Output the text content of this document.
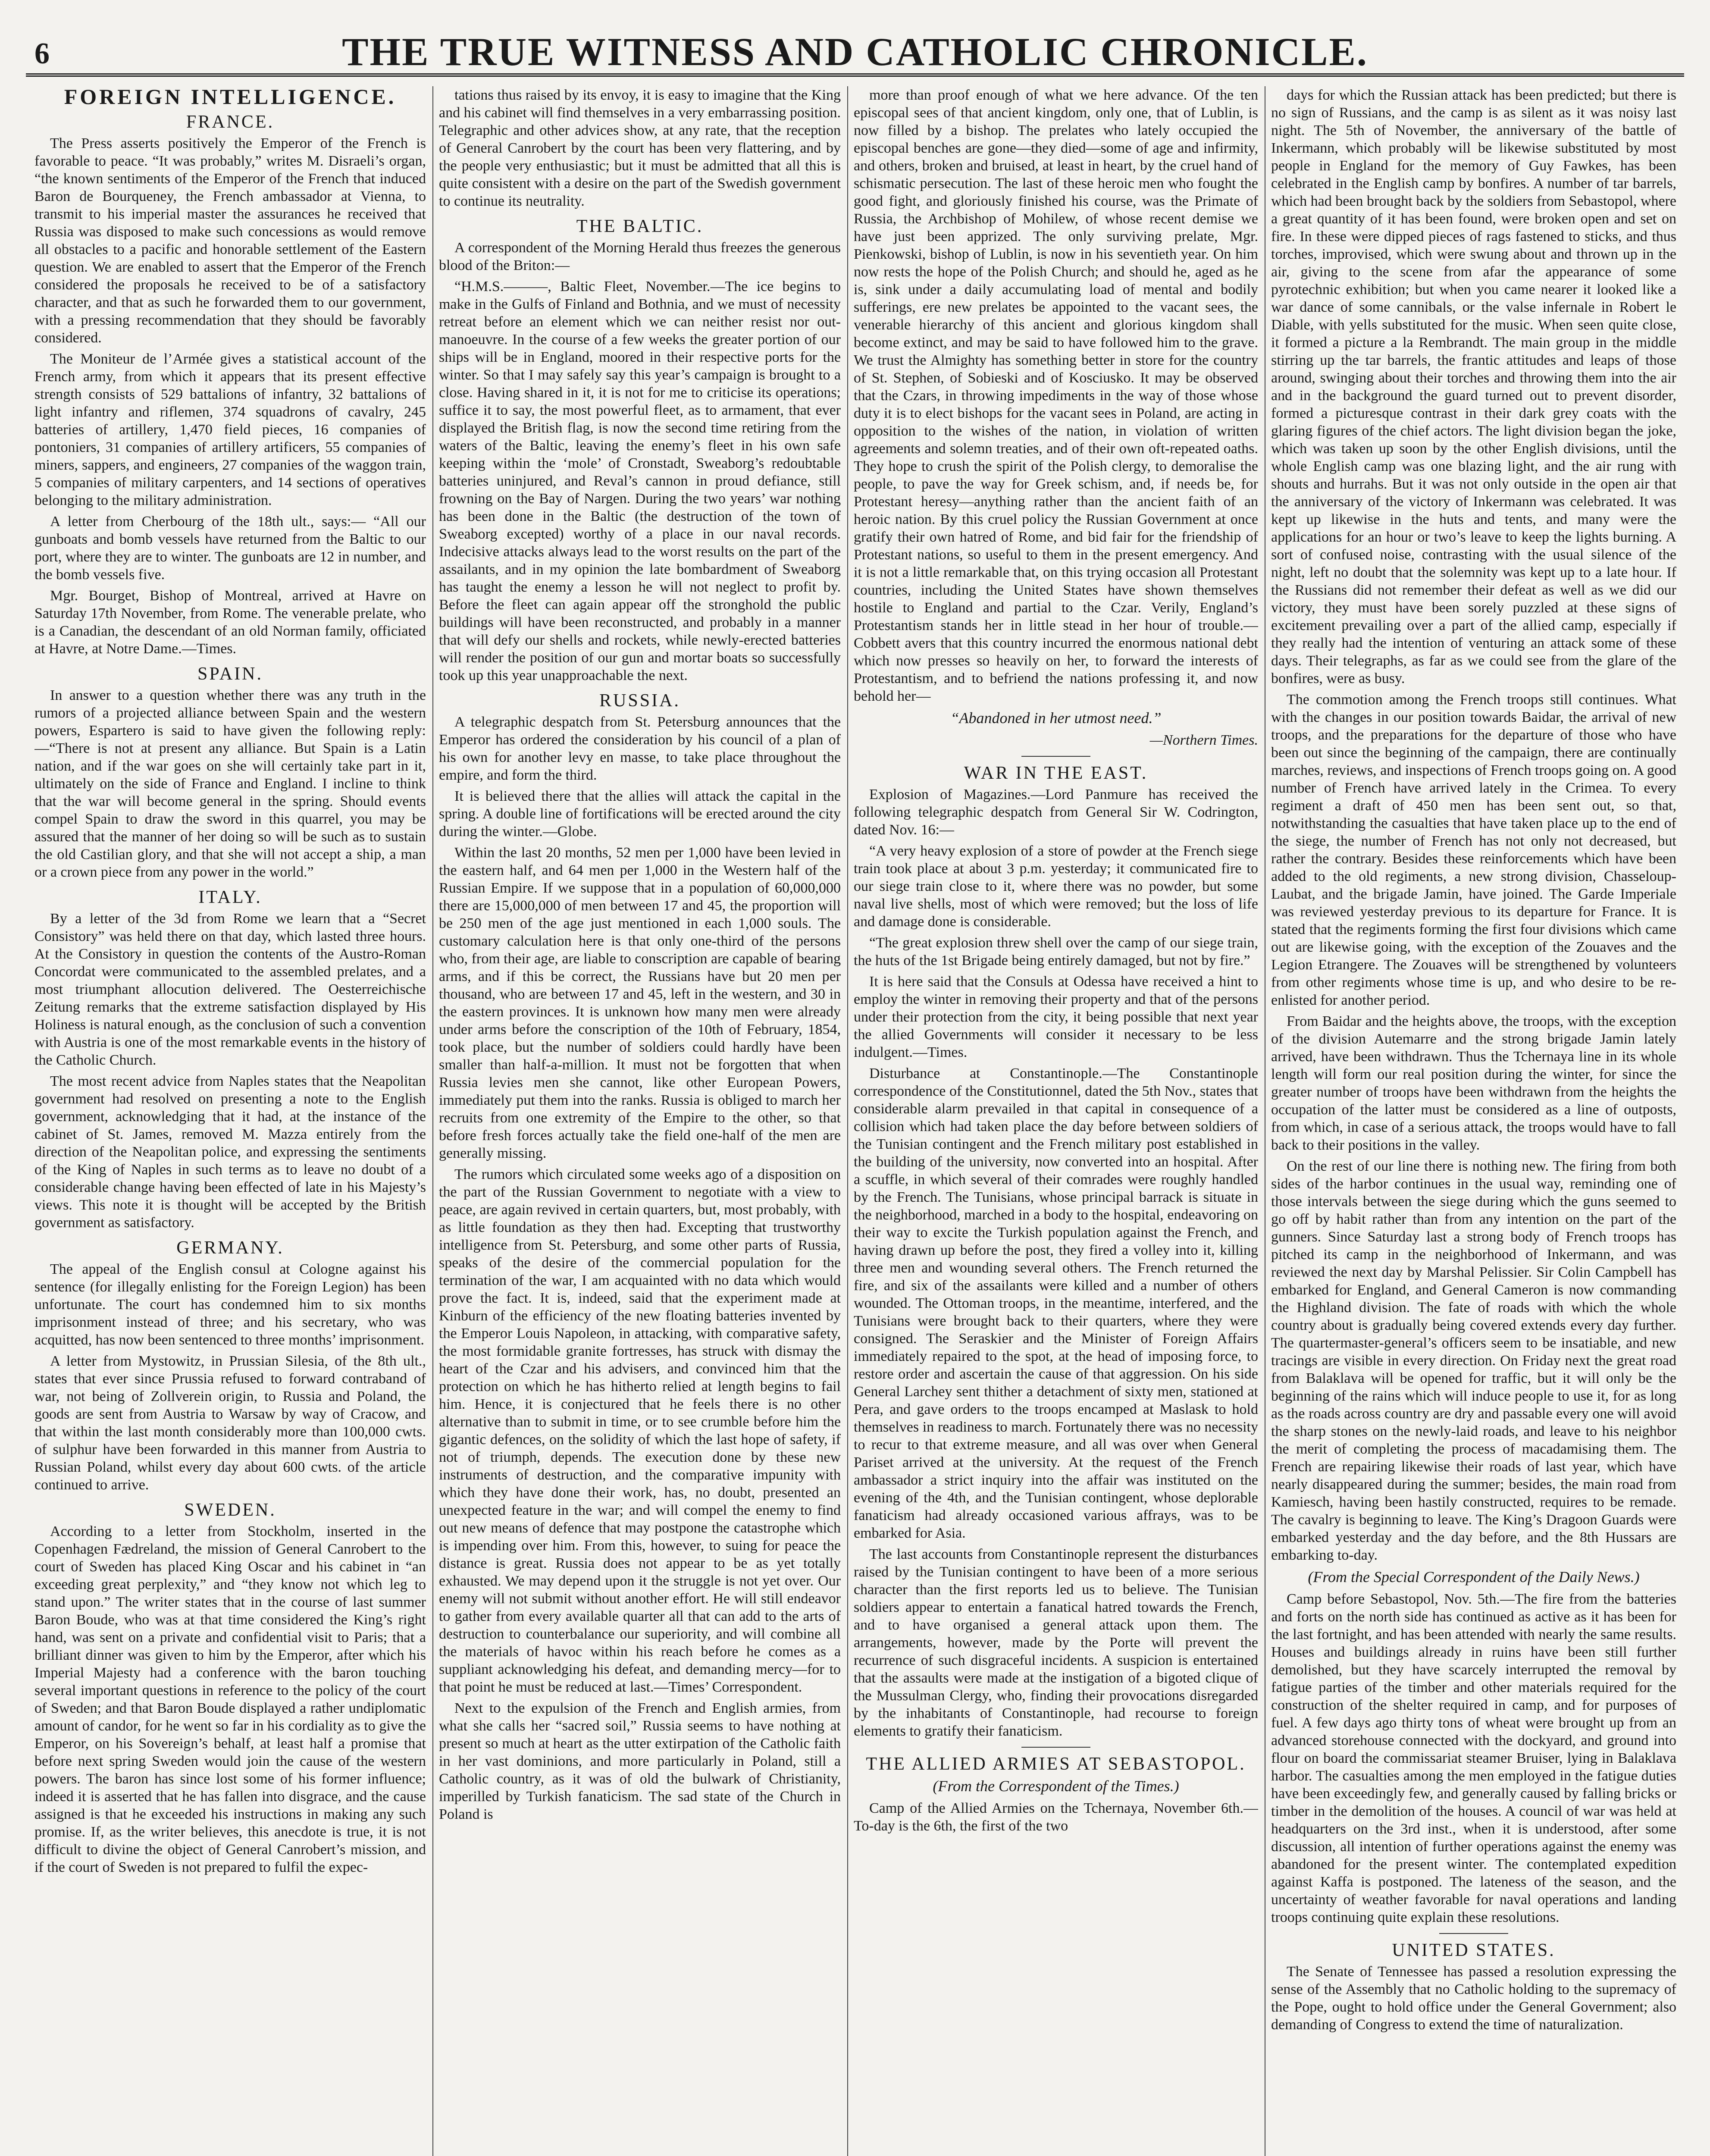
6	THE TRUE WITNESS AND CATHOLIC CHRONICLE.
FOREIGN INTELLIGENCE.
FRANCE.

The Press asserts positively the Emperor of the French is favorable to peace. “It was probably,” writes M. Disraeli’s organ, “the known sentiments of the Emperor of the French that induced Baron de Bourqueney, the French ambassador at Vienna, to transmit to his imperial master the assurances he received that Russia was disposed to make such concessions as would remove all obstacles to a pacific and honorable settlement of the Eastern question. We are enabled to assert that the Emperor of the French considered the proposals he received to be of a satisfactory character, and that as such he forwarded them to our government, with a pressing recommendation that they should be favorably considered.

The Moniteur de l’Armée gives a statistical account of the French army, from which it appears that its present effective strength consists of 529 battalions of infantry, 32 battalions of light infantry and riflemen, 374 squadrons of cavalry, 245 batteries of artillery, 1,470 field pieces, 16 companies of pontoniers, 31 companies of artillery artificers, 55 companies of miners, sappers, and engineers, 27 companies of the waggon train, 5 companies of military carpenters, and 14 sections of operatives belonging to the military administration.

A letter from Cherbourg of the 18th ult., says:— “All our gunboats and bomb vessels have returned from the Baltic to our port, where they are to winter. The gunboats are 12 in number, and the bomb vessels five.

Mgr. Bourget, Bishop of Montreal, arrived at Havre on Saturday 17th November, from Rome. The venerable prelate, who is a Canadian, the descendant of an old Norman family, officiated at Havre, at Notre Dame.—Times.

SPAIN.

In answer to a question whether there was any truth in the rumors of a projected alliance between Spain and the western powers, Espartero is said to have given the following reply:—“There is not at present any alliance. But Spain is a Latin nation, and if the war goes on she will certainly take part in it, ultimately on the side of France and England. I incline to think that the war will become general in the spring. Should events compel Spain to draw the sword in this quarrel, you may be assured that the manner of her doing so will be such as to sustain the old Castilian glory, and that she will not accept a ship, a man or a crown piece from any power in the world.”

ITALY.

By a letter of the 3d from Rome we learn that a “Secret Consistory” was held there on that day, which lasted three hours. At the Consistory in question the contents of the Austro-Roman Concordat were communicated to the assembled prelates, and a most triumphant allocution delivered. The Oesterreichische Zeitung remarks that the extreme satisfaction displayed by His Holiness is natural enough, as the conclusion of such a convention with Austria is one of the most remarkable events in the history of the Catholic Church.

The most recent advice from Naples states that the Neapolitan government had resolved on presenting a note to the English government, acknowledging that it had, at the instance of the cabinet of St. James, removed M. Mazza entirely from the direction of the Neapolitan police, and expressing the sentiments of the King of Naples in such terms as to leave no doubt of a considerable change having been effected of late in his Majesty’s views. This note it is thought will be accepted by the British government as satisfactory.

GERMANY.

The appeal of the English consul at Cologne against his sentence (for illegally enlisting for the Foreign Legion) has been unfortunate. The court has condemned him to six months imprisonment instead of three; and his secretary, who was acquitted, has now been sentenced to three months’ imprisonment.

A letter from Mystowitz, in Prussian Silesia, of the 8th ult., states that ever since Prussia refused to forward contraband of war, not being of Zollverein origin, to Russia and Poland, the goods are sent from Austria to Warsaw by way of Cracow, and that within the last month considerably more than 100,000 cwts. of sulphur have been forwarded in this manner from Austria to Russian Poland, whilst every day about 600 cwts. of the article continued to arrive.

SWEDEN.

According to a letter from Stockholm, inserted in the Copenhagen Fædreland, the mission of General Canrobert to the court of Sweden has placed King Oscar and his cabinet in “an exceeding great perplexity,” and “they know not which leg to stand upon.” The writer states that in the course of last summer Baron Boude, who was at that time considered the King’s right hand, was sent on a private and confidential visit to Paris; that a brilliant dinner was given to him by the Emperor, after which his Imperial Majesty had a conference with the baron touching several important questions in reference to the policy of the court of Sweden; and that Baron Boude displayed a rather undiplomatic amount of candor, for he went so far in his cordiality as to give the Emperor, on his Sovereign’s behalf, at least half a promise that before next spring Sweden would join the cause of the western powers. The baron has since lost some of his former influence; indeed it is asserted that he has fallen into disgrace, and the cause assigned is that he exceeded his instructions in making any such promise. If, as the writer believes, this anecdote is true, it is not difficult to divine the object of General Canrobert’s mission, and if the court of Sweden is not prepared to fulfil the expec-

tations thus raised by its envoy, it is easy to imagine that the King and his cabinet will find themselves in a very embarrassing position. Telegraphic and other advices show, at any rate, that the reception of General Canrobert by the court has been very flattering, and by the people very enthusiastic; but it must be admitted that all this is quite consistent with a desire on the part of the Swedish government to continue its neutrality.

THE BALTIC.

A correspondent of the Morning Herald thus freezes the generous blood of the Briton:—

“H.M.S.———, Baltic Fleet, November.—The ice begins to make in the Gulfs of Finland and Bothnia, and we must of necessity retreat before an element which we can neither resist nor out-manoeuvre. In the course of a few weeks the greater portion of our ships will be in England, moored in their respective ports for the winter. So that I may safely say this year’s campaign is brought to a close. Having shared in it, it is not for me to criticise its operations; suffice it to say, the most powerful fleet, as to armament, that ever displayed the British flag, is now the second time retiring from the waters of the Baltic, leaving the enemy’s fleet in his own safe keeping within the ‘mole’ of Cronstadt, Sweaborg’s redoubtable batteries uninjured, and Reval’s cannon in proud defiance, still frowning on the Bay of Nargen. During the two years’ war nothing has been done in the Baltic (the destruction of the town of Sweaborg excepted) worthy of a place in our naval records. Indecisive attacks always lead to the worst results on the part of the assailants, and in my opinion the late bombardment of Sweaborg has taught the enemy a lesson he will not neglect to profit by. Before the fleet can again appear off the stronghold the public buildings will have been reconstructed, and probably in a manner that will defy our shells and rockets, while newly-erected batteries will render the position of our gun and mortar boats so successfully took up this year unapproachable the next.

RUSSIA.

A telegraphic despatch from St. Petersburg announces that the Emperor has ordered the consideration by his council of a plan of his own for another levy en masse, to take place throughout the empire, and form the third.

It is believed there that the allies will attack the capital in the spring. A double line of fortifications will be erected around the city during the winter.—Globe.

Within the last 20 months, 52 men per 1,000 have been levied in the eastern half, and 64 men per 1,000 in the Western half of the Russian Empire. If we suppose that in a population of 60,000,000 there are 15,000,000 of men between 17 and 45, the proportion will be 250 men of the age just mentioned in each 1,000 souls. The customary calculation here is that only one-third of the persons who, from their age, are liable to conscription are capable of bearing arms, and if this be correct, the Russians have but 20 men per thousand, who are between 17 and 45, left in the western, and 30 in the eastern provinces. It is unknown how many men were already under arms before the conscription of the 10th of February, 1854, took place, but the number of soldiers could hardly have been smaller than half-a-million. It must not be forgotten that when Russia levies men she cannot, like other European Powers, immediately put them into the ranks. Russia is obliged to march her recruits from one extremity of the Empire to the other, so that before fresh forces actually take the field one-half of the men are generally missing.

The rumors which circulated some weeks ago of a disposition on the part of the Russian Government to negotiate with a view to peace, are again revived in certain quarters, but, most probably, with as little foundation as they then had. Excepting that trustworthy intelligence from St. Petersburg, and some other parts of Russia, speaks of the desire of the commercial population for the termination of the war, I am acquainted with no data which would prove the fact. It is, indeed, said that the experiment made at Kinburn of the efficiency of the new floating batteries invented by the Emperor Louis Napoleon, in attacking, with comparative safety, the most formidable granite fortresses, has struck with dismay the heart of the Czar and his advisers, and convinced him that the protection on which he has hitherto relied at length begins to fail him. Hence, it is conjectured that he feels there is no other alternative than to submit in time, or to see crumble before him the gigantic defences, on the solidity of which the last hope of safety, if not of triumph, depends. The execution done by these new instruments of destruction, and the comparative impunity with which they have done their work, has, no doubt, presented an unexpected feature in the war; and will compel the enemy to find out new means of defence that may postpone the catastrophe which is impending over him. From this, however, to suing for peace the distance is great. Russia does not appear to be as yet totally exhausted. We may depend upon it the struggle is not yet over. Our enemy will not submit without another effort. He will still endeavor to gather from every available quarter all that can add to the arts of destruction to counterbalance our superiority, and will combine all the materials of havoc within his reach before he comes as a suppliant acknowledging his defeat, and demanding mercy—for to that point he must be reduced at last.—Times’ Correspondent.

Next to the expulsion of the French and English armies, from what she calls her “sacred soil,” Russia seems to have nothing at present so much at heart as the utter extirpation of the Catholic faith in her vast dominions, and more particularly in Poland, still a Catholic country, as it was of old the bulwark of Christianity, imperilled by Turkish fanaticism. The sad state of the Church in Poland is

more than proof enough of what we here advance. Of the ten episcopal sees of that ancient kingdom, only one, that of Lublin, is now filled by a bishop. The prelates who lately occupied the episcopal benches are gone—they died—some of age and infirmity, and others, broken and bruised, at least in heart, by the cruel hand of schismatic persecution. The last of these heroic men who fought the good fight, and gloriously finished his course, was the Primate of Russia, the Archbishop of Mohilew, of whose recent demise we have just been apprized. The only surviving prelate, Mgr. Pienkowski, bishop of Lublin, is now in his seventieth year. On him now rests the hope of the Polish Church; and should he, aged as he is, sink under a daily accumulating load of mental and bodily sufferings, ere new prelates be appointed to the vacant sees, the venerable hierarchy of this ancient and glorious kingdom shall become extinct, and may be said to have followed him to the grave. We trust the Almighty has something better in store for the country of St. Stephen, of Sobieski and of Kosciusko. It may be observed that the Czars, in throwing impediments in the way of those whose duty it is to elect bishops for the vacant sees in Poland, are acting in opposition to the wishes of the nation, in violation of written agreements and solemn treaties, and of their own oft-repeated oaths. They hope to crush the spirit of the Polish clergy, to demoralise the people, to pave the way for Greek schism, and, if needs be, for Protestant heresy—anything rather than the ancient faith of an heroic nation. By this cruel policy the Russian Government at once gratify their own hatred of Rome, and bid fair for the friendship of Protestant nations, so useful to them in the present emergency. And it is not a little remarkable that, on this trying occasion all Protestant countries, including the United States have shown themselves hostile to England and partial to the Czar. Verily, England’s Protestantism stands her in little stead in her hour of trouble.— Cobbett avers that this country incurred the enormous national debt which now presses so heavily on her, to forward the interests of Protestantism, and to befriend the nations professing it, and now behold her—

“Abandoned in her utmost need.”
—Northern Times.
WAR IN THE EAST.

Explosion of Magazines.—Lord Panmure has received the following telegraphic despatch from General Sir W. Codrington, dated Nov. 16:—

“A very heavy explosion of a store of powder at the French siege train took place at about 3 p.m. yesterday; it communicated fire to our siege train close to it, where there was no powder, but some naval live shells, most of which were removed; but the loss of life and damage done is considerable.

“The great explosion threw shell over the camp of our siege train, the huts of the 1st Brigade being entirely damaged, but not by fire.”

It is here said that the Consuls at Odessa have received a hint to employ the winter in removing their property and that of the persons under their protection from the city, it being possible that next year the allied Governments will consider it necessary to be less indulgent.—Times.

Disturbance at Constantinople.—The Constantinople correspondence of the Constitutionnel, dated the 5th Nov., states that considerable alarm prevailed in that capital in consequence of a collision which had taken place the day before between soldiers of the Tunisian contingent and the French military post established in the building of the university, now converted into an hospital. After a scuffle, in which several of their comrades were roughly handled by the French. The Tunisians, whose principal barrack is situate in the neighborhood, marched in a body to the hospital, endeavoring on their way to excite the Turkish population against the French, and having drawn up before the post, they fired a volley into it, killing three men and wounding several others. The French returned the fire, and six of the assailants were killed and a number of others wounded. The Ottoman troops, in the meantime, interfered, and the Tunisians were brought back to their quarters, where they were consigned. The Seraskier and the Minister of Foreign Affairs immediately repaired to the spot, at the head of imposing force, to restore order and ascertain the cause of that aggression. On his side General Larchey sent thither a detachment of sixty men, stationed at Pera, and gave orders to the troops encamped at Maslask to hold themselves in readiness to march. Fortunately there was no necessity to recur to that extreme measure, and all was over when General Pariset arrived at the university. At the request of the French ambassador a strict inquiry into the affair was instituted on the evening of the 4th, and the Tunisian contingent, whose deplorable fanaticism had already occasioned various affrays, was to be embarked for Asia.

The last accounts from Constantinople represent the disturbances raised by the Tunisian contingent to have been of a more serious character than the first reports led us to believe. The Tunisian soldiers appear to entertain a fanatical hatred towards the French, and to have organised a general attack upon them. The arrangements, however, made by the Porte will prevent the recurrence of such disgraceful incidents. A suspicion is entertained that the assaults were made at the instigation of a bigoted clique of the Mussulman Clergy, who, finding their provocations disregarded by the inhabitants of Constantinople, had recourse to foreign elements to gratify their fanaticism.

THE ALLIED ARMIES AT SEBASTOPOL.
(From the Correspondent of the Times.)

Camp of the Allied Armies on the Tchernaya, November 6th.—To-day is the 6th, the first of the two

days for which the Russian attack has been predicted; but there is no sign of Russians, and the camp is as silent as it was noisy last night. The 5th of November, the anniversary of the battle of Inkermann, which probably will be likewise substituted by most people in England for the memory of Guy Fawkes, has been celebrated in the English camp by bonfires. A number of tar barrels, which had been brought back by the soldiers from Sebastopol, where a great quantity of it has been found, were broken open and set on fire. In these were dipped pieces of rags fastened to sticks, and thus torches, improvised, which were swung about and thrown up in the air, giving to the scene from afar the appearance of some pyrotechnic exhibition; but when you came nearer it looked like a war dance of some cannibals, or the valse infernale in Robert le Diable, with yells substituted for the music. When seen quite close, it formed a picture a la Rembrandt. The main group in the middle stirring up the tar barrels, the frantic attitudes and leaps of those around, swinging about their torches and throwing them into the air and in the background the guard turned out to prevent disorder, formed a picturesque contrast in their dark grey coats with the glaring figures of the chief actors. The light division began the joke, which was taken up soon by the other English divisions, until the whole English camp was one blazing light, and the air rung with shouts and hurrahs. But it was not only outside in the open air that the anniversary of the victory of Inkermann was celebrated. It was kept up likewise in the huts and tents, and many were the applications for an hour or two’s leave to keep the lights burning. A sort of confused noise, contrasting with the usual silence of the night, left no doubt that the solemnity was kept up to a late hour. If the Russians did not remember their defeat as well as we did our victory, they must have been sorely puzzled at these signs of excitement prevailing over a part of the allied camp, especially if they really had the intention of venturing an attack some of these days. Their telegraphs, as far as we could see from the glare of the bonfires, were as busy.

The commotion among the French troops still continues. What with the changes in our position towards Baidar, the arrival of new troops, and the preparations for the departure of those who have been out since the beginning of the campaign, there are continually marches, reviews, and inspections of French troops going on. A good number of French have arrived lately in the Crimea. To every regiment a draft of 450 men has been sent out, so that, notwithstanding the casualties that have taken place up to the end of the siege, the number of French has not only not decreased, but rather the contrary. Besides these reinforcements which have been added to the old regiments, a new strong division, Chasseloup-Laubat, and the brigade Jamin, have joined. The Garde Imperiale was reviewed yesterday previous to its departure for France. It is stated that the regiments forming the first four divisions which came out are likewise going, with the exception of the Zouaves and the Legion Etrangere. The Zouaves will be strengthened by volunteers from other regiments whose time is up, and who desire to be re-enlisted for another period.

From Baidar and the heights above, the troops, with the exception of the division Autemarre and the strong brigade Jamin lately arrived, have been withdrawn. Thus the Tchernaya line in its whole length will form our real position during the winter, for since the greater number of troops have been withdrawn from the heights the occupation of the latter must be considered as a line of outposts, from which, in case of a serious attack, the troops would have to fall back to their positions in the valley.

On the rest of our line there is nothing new. The firing from both sides of the harbor continues in the usual way, reminding one of those intervals between the siege during which the guns seemed to go off by habit rather than from any intention on the part of the gunners. Since Saturday last a strong body of French troops has pitched its camp in the neighborhood of Inkermann, and was reviewed the next day by Marshal Pelissier. Sir Colin Campbell has embarked for England, and General Cameron is now commanding the Highland division. The fate of roads with which the whole country about is gradually being covered extends every day further. The quartermaster-general’s officers seem to be insatiable, and new tracings are visible in every direction. On Friday next the great road from Balaklava will be opened for traffic, but it will only be the beginning of the rains which will induce people to use it, for as long as the roads across country are dry and passable every one will avoid the sharp stones on the newly-laid roads, and leave to his neighbor the merit of completing the process of macadamising them. The French are repairing likewise their roads of last year, which have nearly disappeared during the summer; besides, the main road from Kamiesch, having been hastily constructed, requires to be remade. The cavalry is beginning to leave. The King’s Dragoon Guards were embarked yesterday and the day before, and the 8th Hussars are embarking to-day.

(From the Special Correspondent of the Daily News.)

Camp before Sebastopol, Nov. 5th.—The fire from the batteries and forts on the north side has continued as active as it has been for the last fortnight, and has been attended with nearly the same results. Houses and buildings already in ruins have been still further demolished, but they have scarcely interrupted the removal by fatigue parties of the timber and other materials required for the construction of the shelter required in camp, and for purposes of fuel. A few days ago thirty tons of wheat were brought up from an advanced storehouse connected with the dockyard, and ground into flour on board the commissariat steamer Bruiser, lying in Balaklava harbor. The casualties among the men employed in the fatigue duties have been exceedingly few, and generally caused by falling bricks or timber in the demolition of the houses. A council of war was held at headquarters on the 3rd inst., when it is understood, after some discussion, all intention of further operations against the enemy was abandoned for the present winter. The contemplated expedition against Kaffa is postponed. The lateness of the season, and the uncertainty of weather favorable for naval operations and landing troops continuing quite explain these resolutions.

UNITED STATES.

The Senate of Tennessee has passed a resolution expressing the sense of the Assembly that no Catholic holding to the supremacy of the Pope, ought to hold office under the General Government; also demanding of Congress to extend the time of naturalization.
